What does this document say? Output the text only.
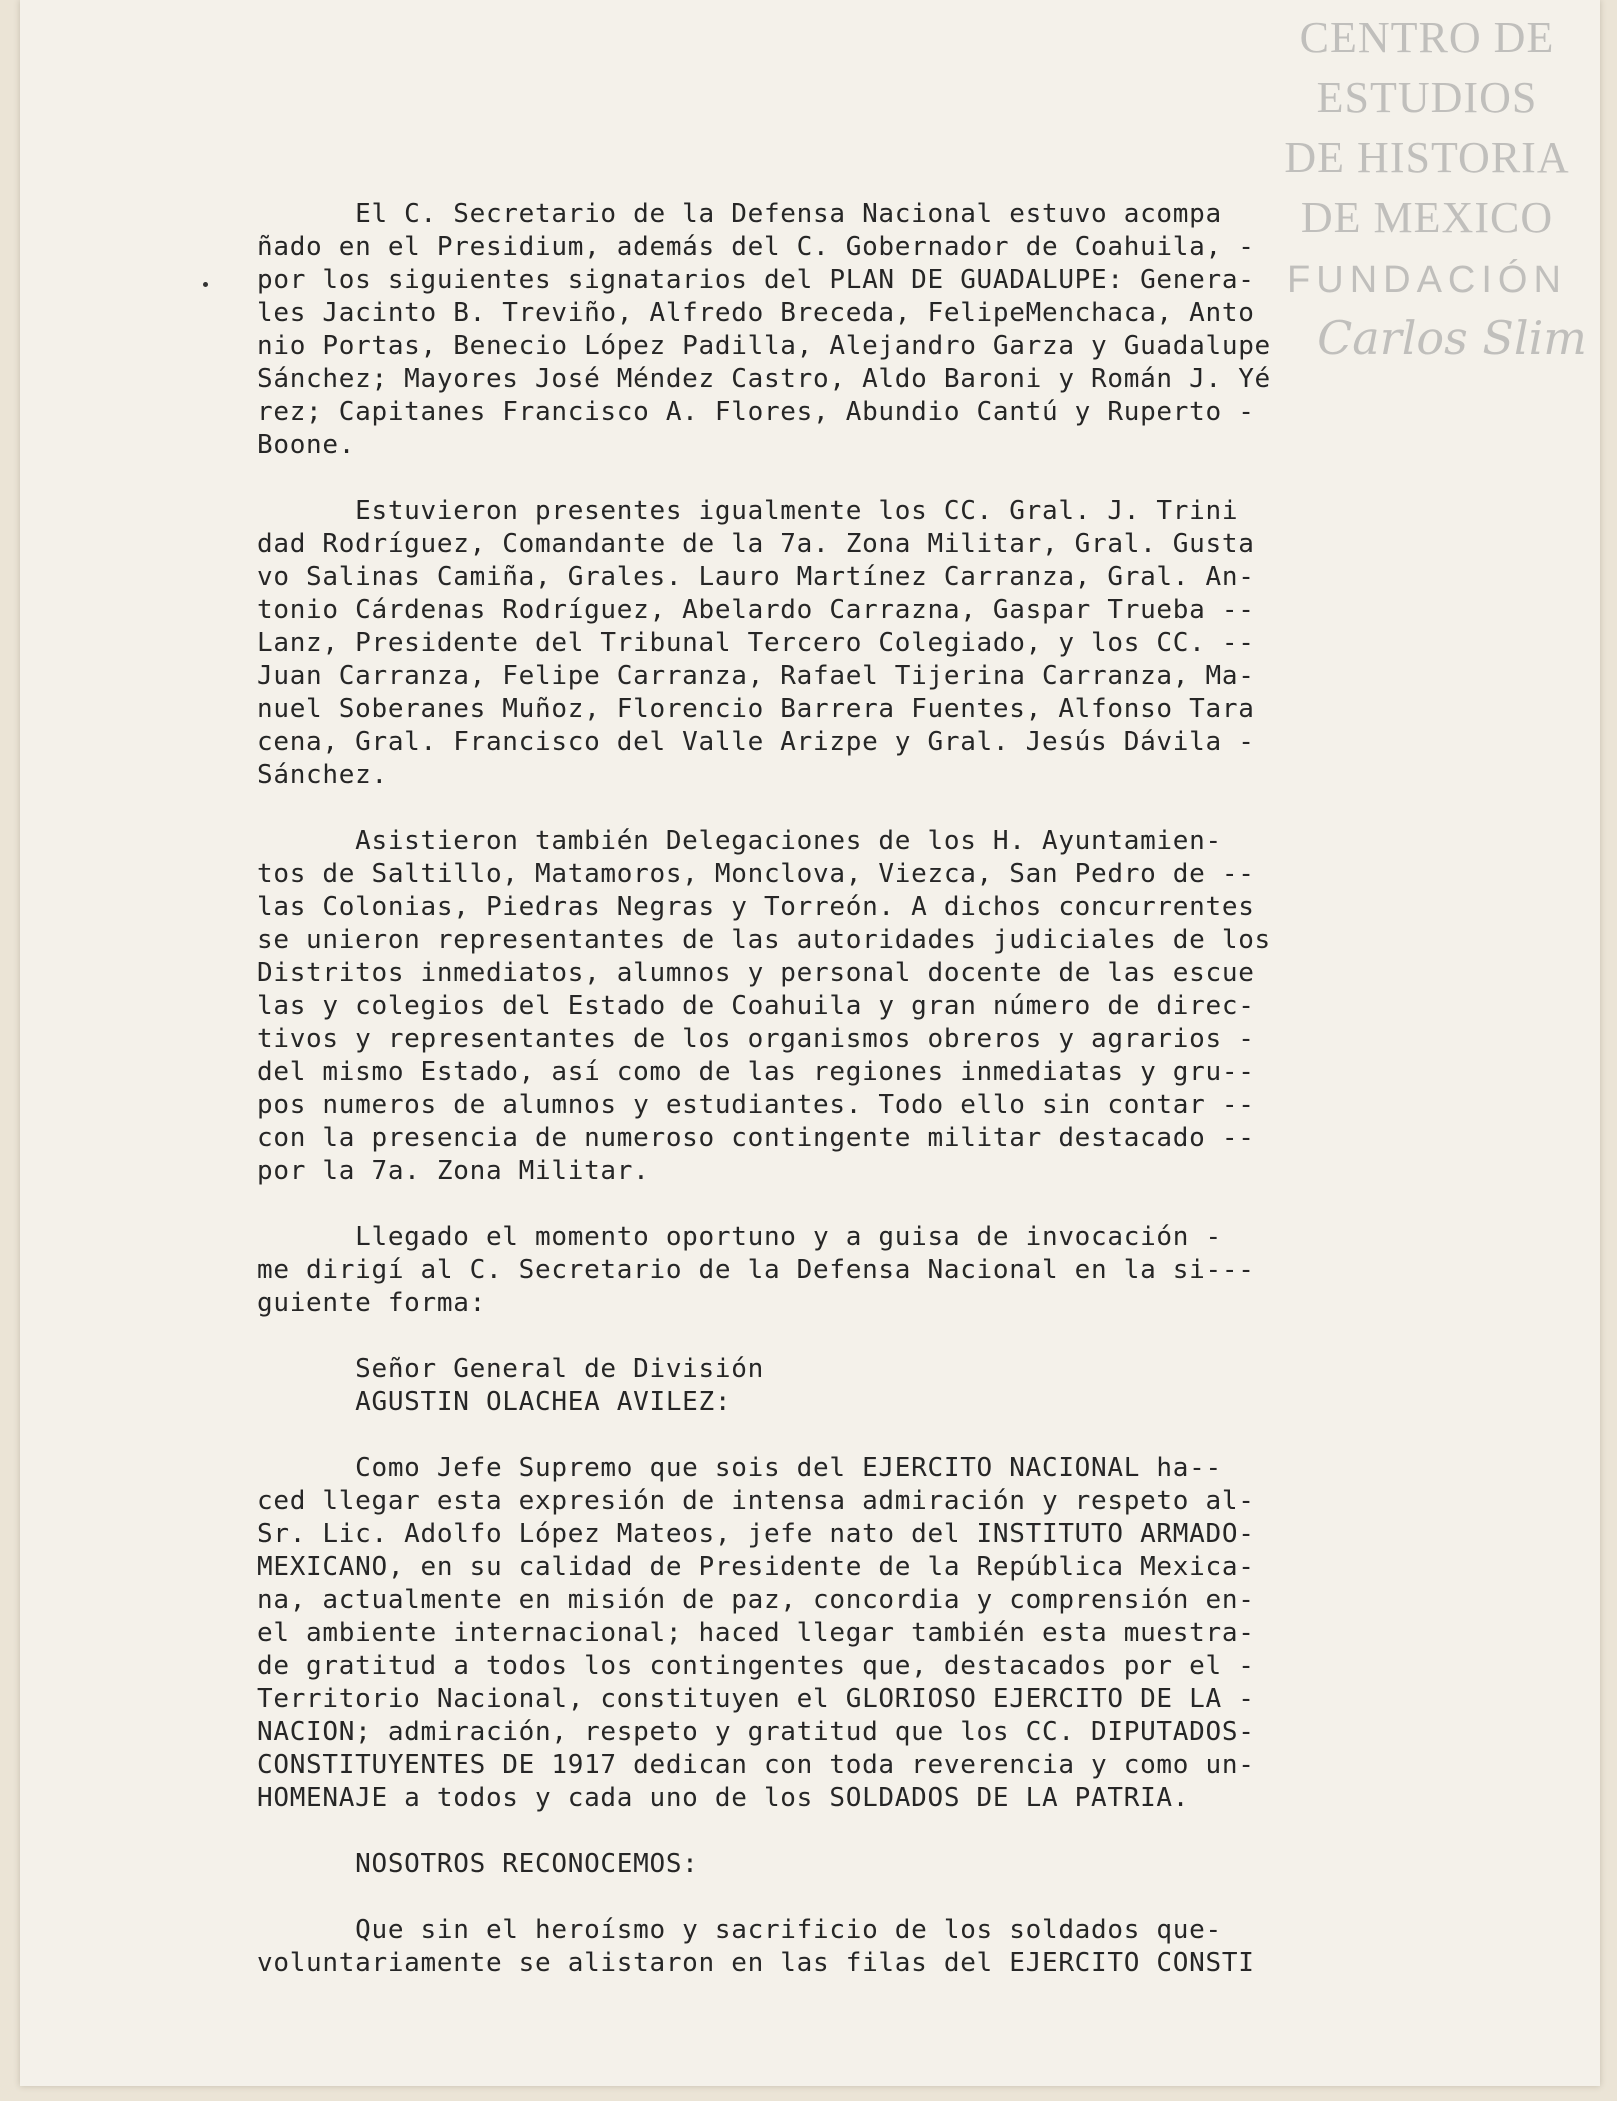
CENTRO DE
ESTUDIOS
DE HISTORIA
DE MEXICO
FUNDACIÓN
Carlos Slim
El C. Secretario de la Defensa Nacional estuvo acompa
ñado en el Presidium, además del C. Gobernador de Coahuila, -
por los siguientes signatarios del PLAN DE GUADALUPE: Genera-
les Jacinto B. Treviño, Alfredo Breceda, FelipeMenchaca, Anto
nio Portas, Benecio López Padilla, Alejandro Garza y Guadalupe
Sánchez; Mayores José Méndez Castro, Aldo Baroni y Román J. Yé
rez; Capitanes Francisco A. Flores, Abundio Cantú y Ruperto -
Boone.
Estuvieron presentes igualmente los CC. Gral. J. Trini
dad Rodríguez, Comandante de la 7a. Zona Militar, Gral. Gusta
vo Salinas Camiña, Grales. Lauro Martínez Carranza, Gral. An-
tonio Cárdenas Rodríguez, Abelardo Carrazna, Gaspar Trueba --
Lanz, Presidente del Tribunal Tercero Colegiado, y los CC. --
Juan Carranza, Felipe Carranza, Rafael Tijerina Carranza, Ma-
nuel Soberanes Muñoz, Florencio Barrera Fuentes, Alfonso Tara
cena, Gral. Francisco del Valle Arizpe y Gral. Jesús Dávila -
Sánchez.
Asistieron también Delegaciones de los H. Ayuntamien-
tos de Saltillo, Matamoros, Monclova, Viezca, San Pedro de --
las Colonias, Piedras Negras y Torreón. A dichos concurrentes
se unieron representantes de las autoridades judiciales de los
Distritos inmediatos, alumnos y personal docente de las escue
las y colegios del Estado de Coahuila y gran número de direc-
tivos y representantes de los organismos obreros y agrarios -
del mismo Estado, así como de las regiones inmediatas y gru--
pos numeros de alumnos y estudiantes. Todo ello sin contar --
con la presencia de numeroso contingente militar destacado --
por la 7a. Zona Militar.
Llegado el momento oportuno y a guisa de invocación -
me dirigí al C. Secretario de la Defensa Nacional en la si---
guiente forma:
Señor General de División
AGUSTIN OLACHEA AVILEZ:
Como Jefe Supremo que sois del EJERCITO NACIONAL ha--
ced llegar esta expresión de intensa admiración y respeto al-
Sr. Lic. Adolfo López Mateos, jefe nato del INSTITUTO ARMADO-
MEXICANO, en su calidad de Presidente de la República Mexica-
na, actualmente en misión de paz, concordia y comprensión en-
el ambiente internacional; haced llegar también esta muestra-
de gratitud a todos los contingentes que, destacados por el -
Territorio Nacional, constituyen el GLORIOSO EJERCITO DE LA -
NACION; admiración, respeto y gratitud que los CC. DIPUTADOS-
CONSTITUYENTES DE 1917 dedican con toda reverencia y como un-
HOMENAJE a todos y cada uno de los SOLDADOS DE LA PATRIA.
NOSOTROS RECONOCEMOS:
Que sin el heroísmo y sacrificio de los soldados que-
voluntariamente se alistaron en las filas del EJERCITO CONSTI
